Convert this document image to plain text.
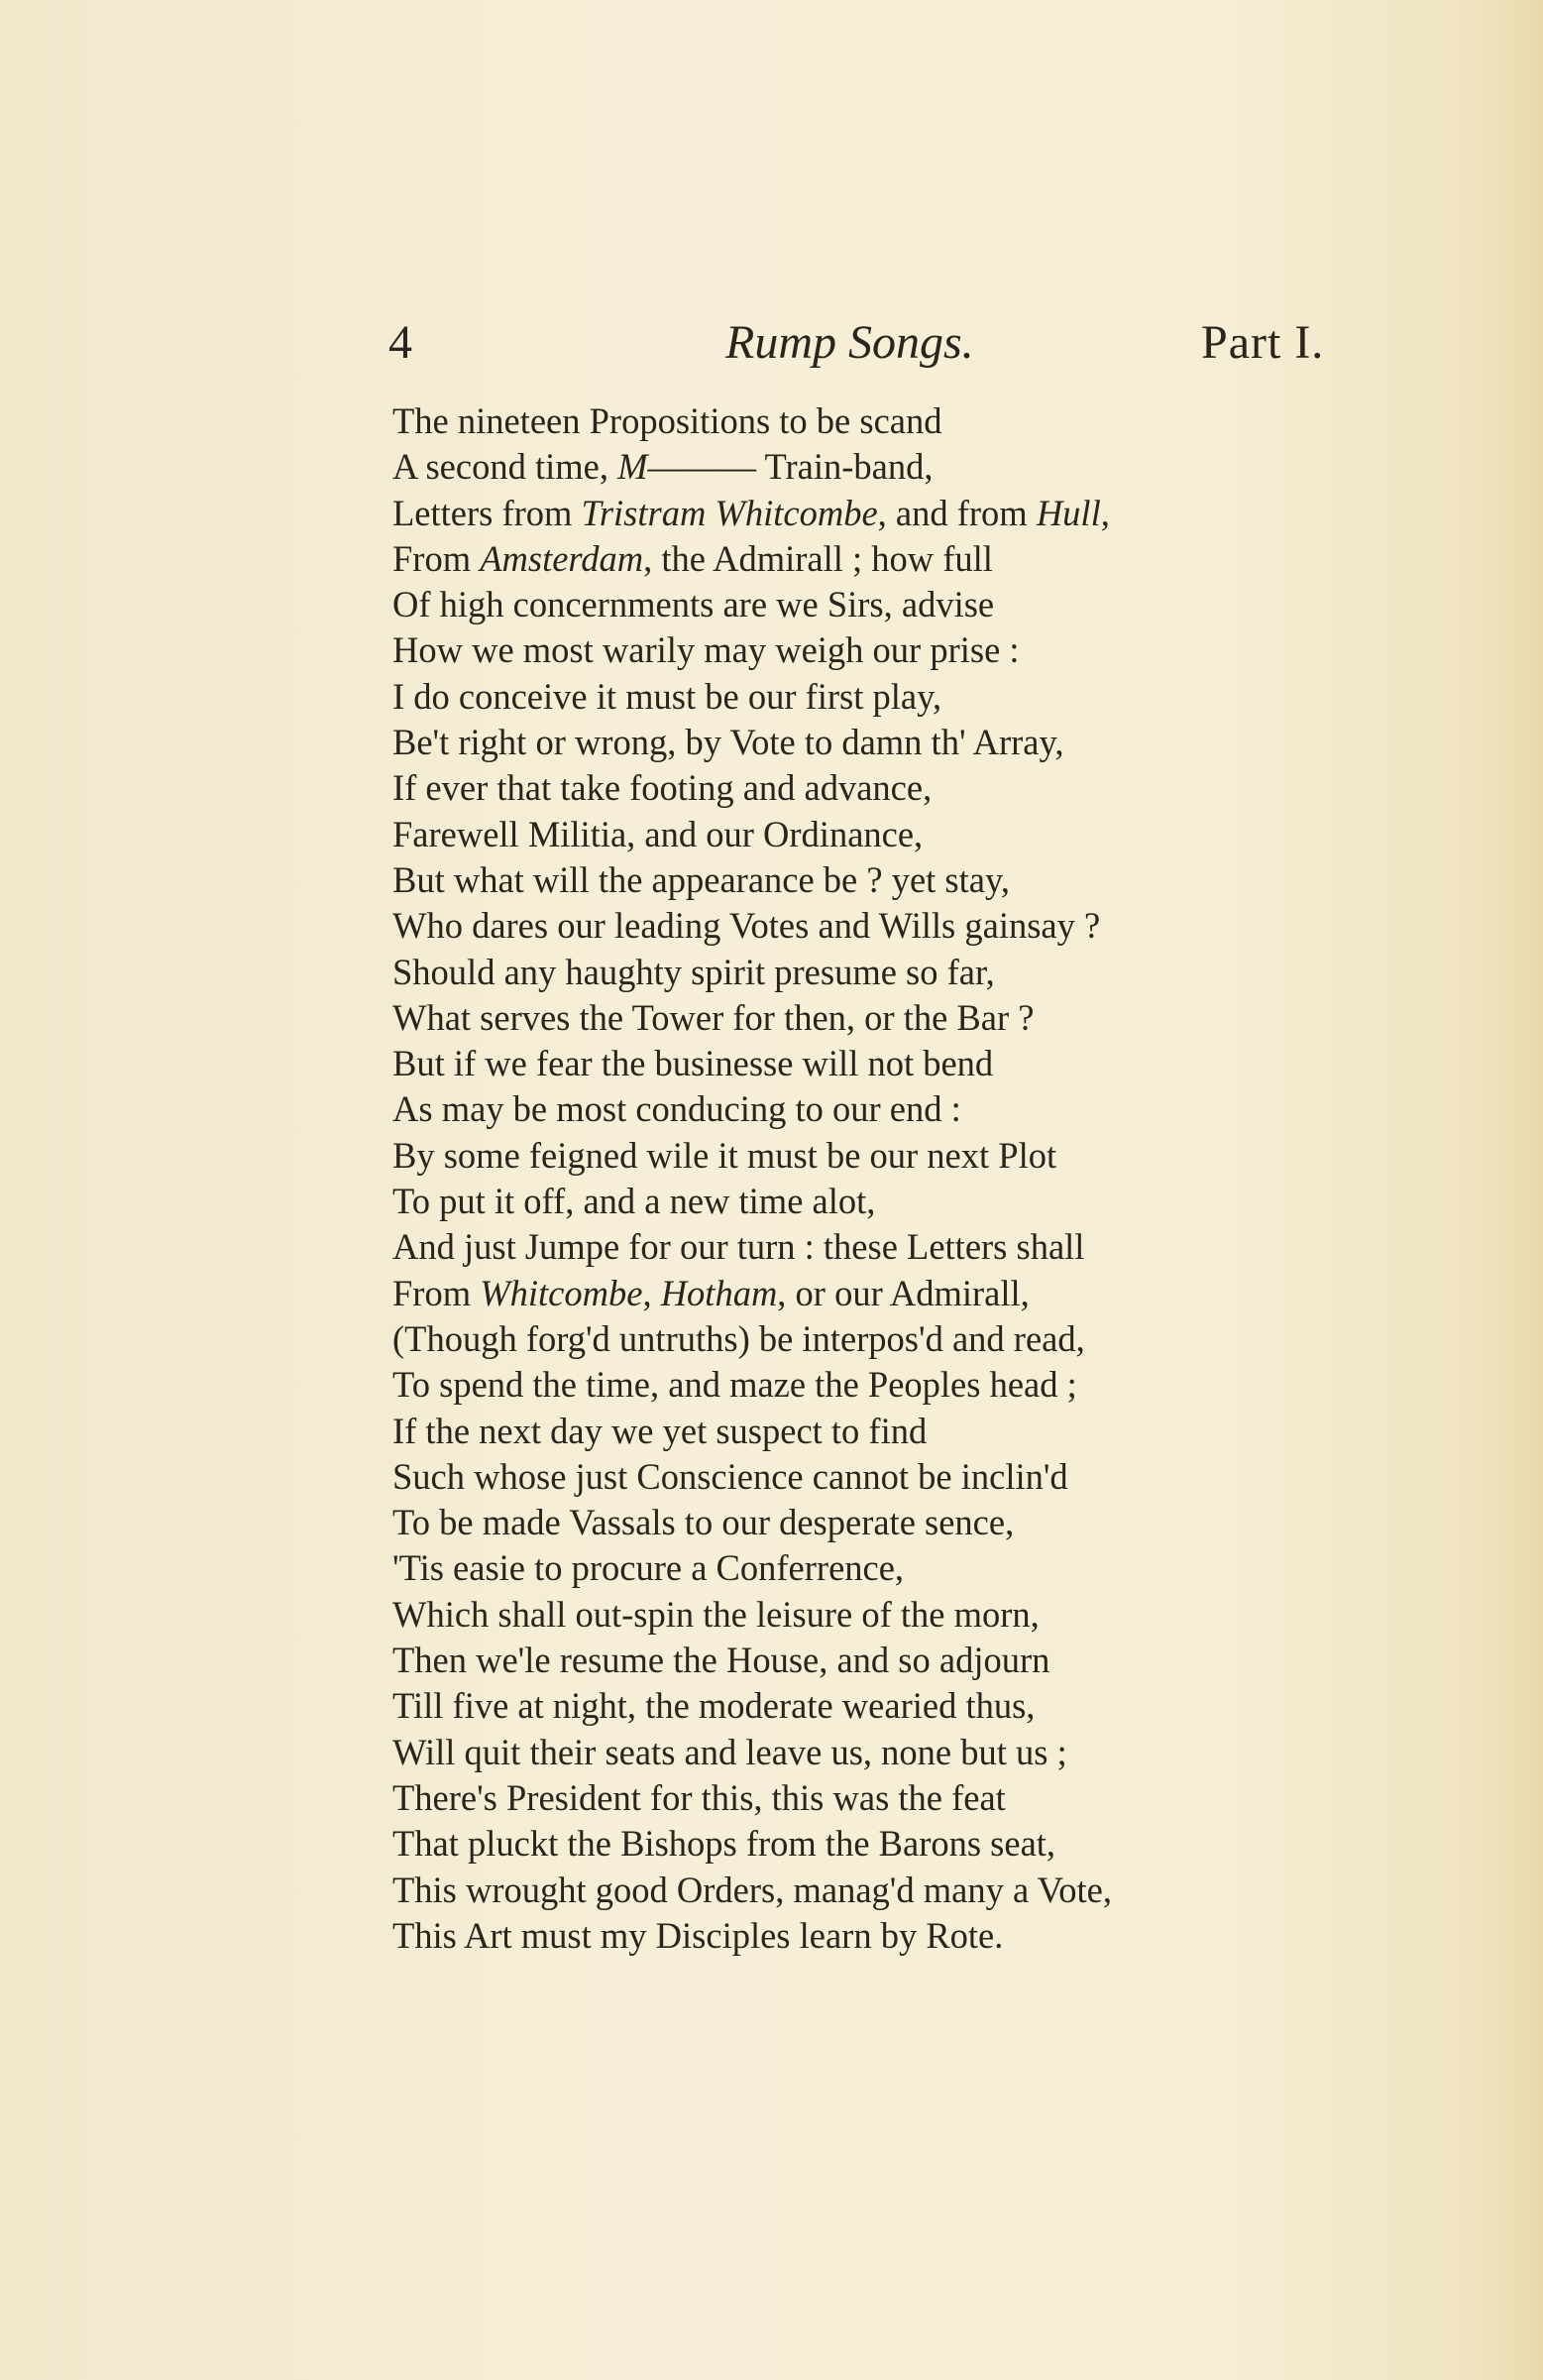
4	Rump Songs.	Part I.
The nineteen Propositions to be scand
A second time, M——— Train-band,
Letters from Tristram Whitcombe, and from Hull,
From Amsterdam, the Admirall ; how full
Of high concernments are we Sirs, advise
How we most warily may weigh our prise :
I do conceive it must be our first play,
Be't right or wrong, by Vote to damn th' Array,
If ever that take footing and advance,
Farewell Militia, and our Ordinance,
But what will the appearance be ? yet stay,
Who dares our leading Votes and Wills gainsay ?
Should any haughty spirit presume so far,
What serves the Tower for then, or the Bar ?
But if we fear the businesse will not bend
As may be most conducing to our end :
By some feigned wile it must be our next Plot
To put it off, and a new time alot,
And just Jumpe for our turn : these Letters shall
From Whitcombe, Hotham, or our Admirall,
(Though forg'd untruths) be interpos'd and read,
To spend the time, and maze the Peoples head ;
If the next day we yet suspect to find
Such whose just Conscience cannot be inclin'd
To be made Vassals to our desperate sence,
'Tis easie to procure a Conferrence,
Which shall out-spin the leisure of the morn,
Then we'le resume the House, and so adjourn
Till five at night, the moderate wearied thus,
Will quit their seats and leave us, none but us ;
There's President for this, this was the feat
That pluckt the Bishops from the Barons seat,
This wrought good Orders, manag'd many a Vote,
This Art must my Disciples learn by Rote.
